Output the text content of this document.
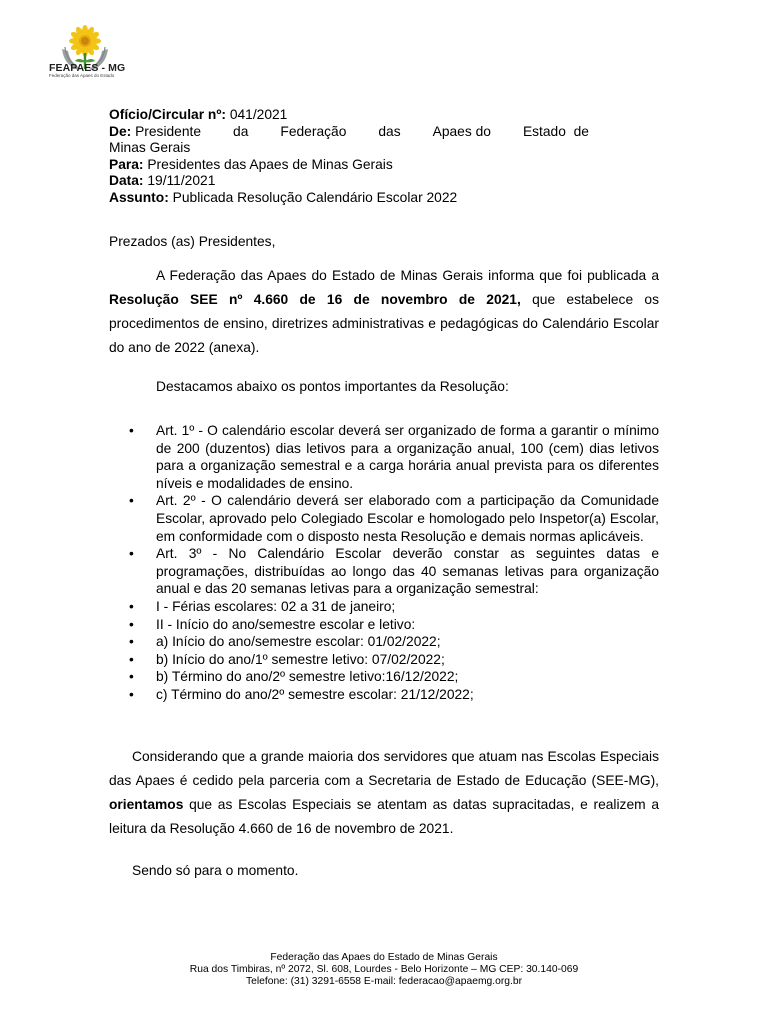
FEAPAES - MG
Federação das Apaes do Estado
Ofício/Circular nº: 041/2021
De: Presidente da Federação das Apaes do Estado de
Minas Gerais
Para: Presidentes das Apaes de Minas Gerais
Data: 19/11/2021
Assunto: Publicada Resolução Calendário Escolar 2022
Prezados (as) Presidentes,

A Federação das Apaes do Estado de Minas Gerais informa que foi publicada a Resolução SEE nº 4.660 de 16 de novembro de 2021, que estabelece os procedimentos de ensino, diretrizes administrativas e pedagógicas do Calendário Escolar do ano de 2022 (anexa).

Destacamos abaixo os pontos importantes da Resolução:
• Art. 1º - O calendário escolar deverá ser organizado de forma a garantir o mínimo de 200 (duzentos) dias letivos para a organização anual, 100 (cem) dias letivos para a organização semestral e a carga horária anual prevista para os diferentes níveis e modalidades de ensino.
• Art. 2º - O calendário deverá ser elaborado com a participação da Comunidade Escolar, aprovado pelo Colegiado Escolar e homologado pelo Inspetor(a) Escolar, em conformidade com o disposto nesta Resolução e demais normas aplicáveis.
• Art. 3º - No Calendário Escolar deverão constar as seguintes datas e programações, distribuídas ao longo das 40 semanas letivas para organização anual e das 20 semanas letivas para a organização semestral:
• I - Férias escolares: 02 a 31 de janeiro;
• II - Início do ano/semestre escolar e letivo:
• a) Início do ano/semestre escolar: 01/02/2022;
• b) Início do ano/1º semestre letivo: 07/02/2022;
• b) Término do ano/2º semestre letivo:16/12/2022;
• c) Término do ano/2º semestre escolar: 21/12/2022;

Considerando que a grande maioria dos servidores que atuam nas Escolas Especiais das Apaes é cedido pela parceria com a Secretaria de Estado de Educação (SEE-MG), orientamos que as Escolas Especiais se atentam as datas supracitadas, e realizem a leitura da Resolução 4.660 de 16 de novembro de 2021.

Sendo só para o momento.
Federação das Apaes do Estado de Minas Gerais
Rua dos Timbiras, nº 2072, Sl. 608, Lourdes - Belo Horizonte – MG CEP: 30.140-069
Telefone: (31) 3291-6558 E-mail: federacao@apaemg.org.br
